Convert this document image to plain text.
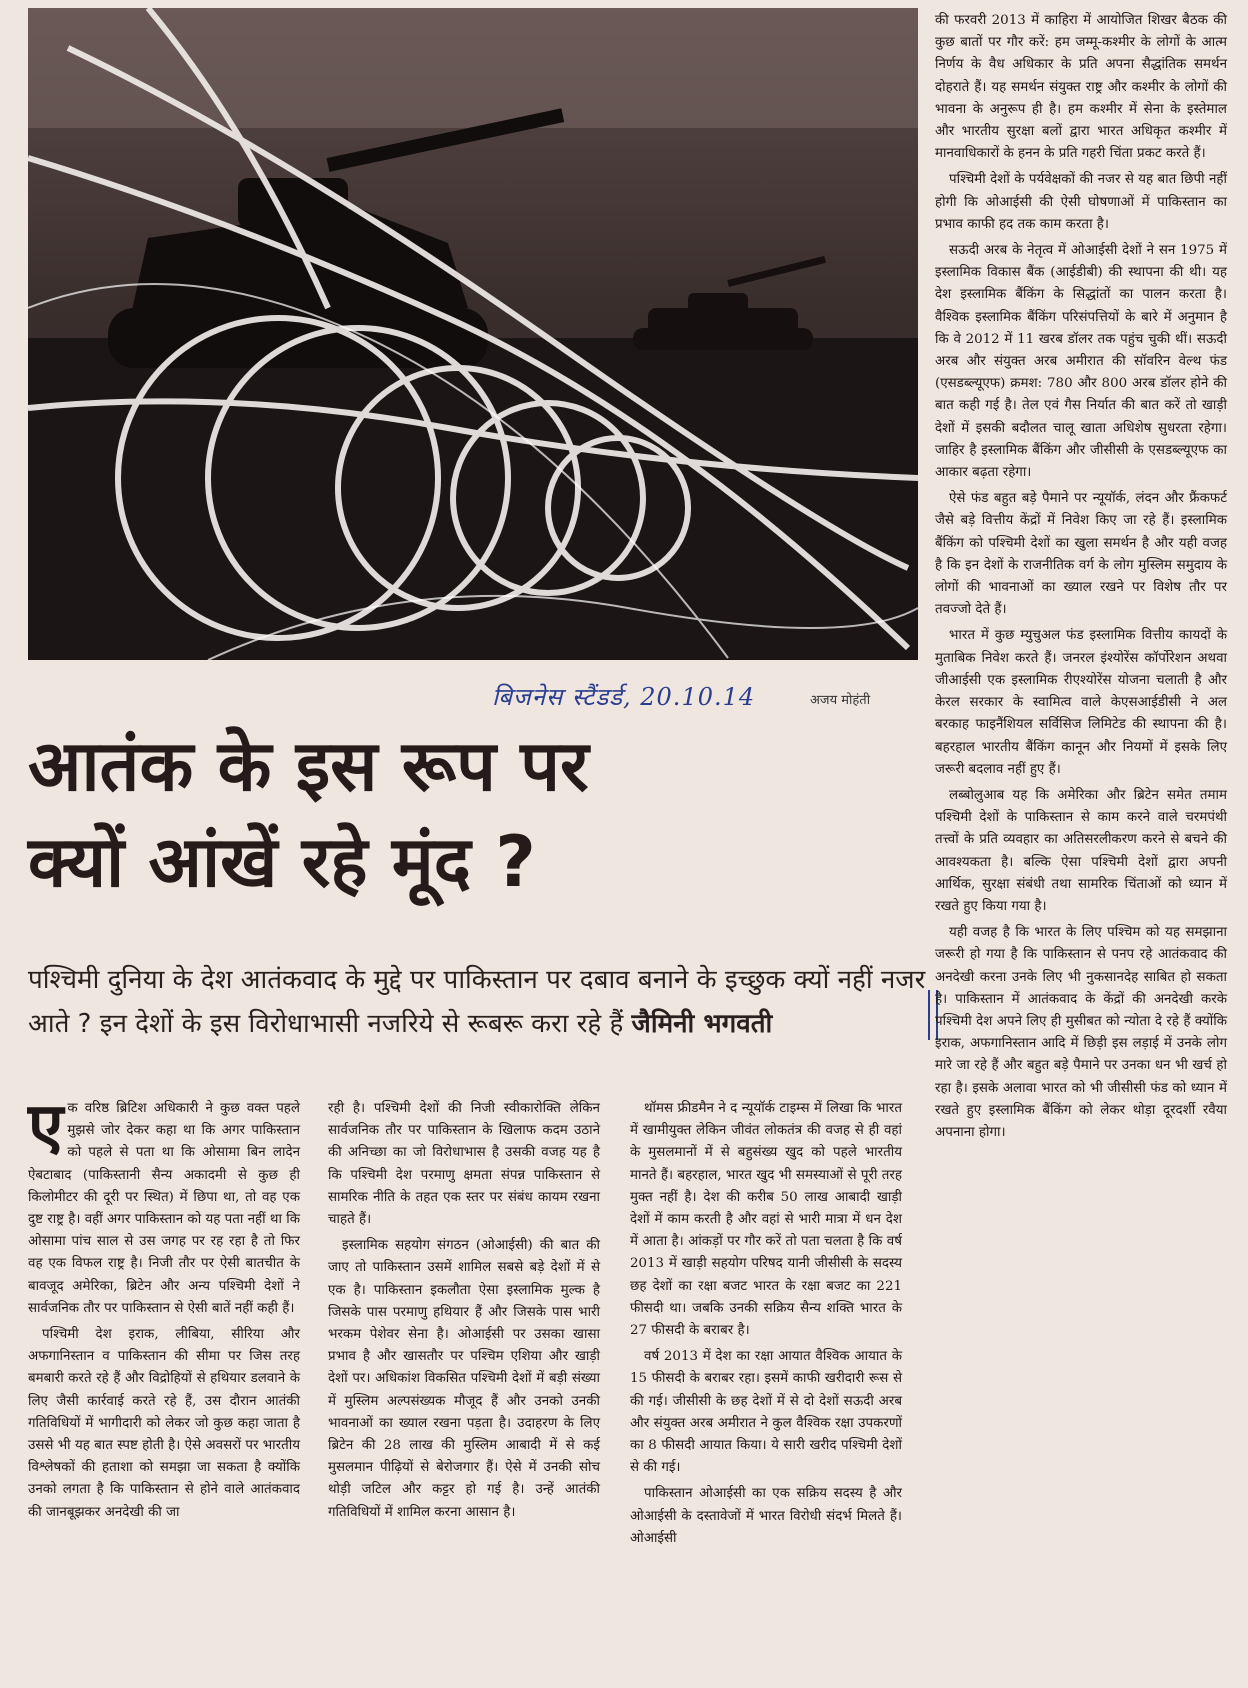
बिजनेस स्टैंडर्ड, 20.10.14	अजय मोहंती
आतंक के इस रूप पर
क्यों आंखें रहे मूंद ?
पश्चिमी दुनिया के देश आतंकवाद के मुद्दे पर पाकिस्तान पर दबाव बनाने के इच्छुक क्यों नहीं नजर आते ? इन देशों के इस विरोधाभासी नजरिये से रूबरू करा रहे हैं जैमिनी भगवती

एक वरिष्ठ ब्रिटिश अधिकारी ने कुछ वक्त पहले मुझसे जोर देकर कहा था कि अगर पाकिस्तान को पहले से पता था कि ओसामा बिन लादेन ऐबटाबाद (पाकिस्तानी सैन्य अकादमी से कुछ ही किलोमीटर की दूरी पर स्थित) में छिपा था, तो वह एक दुष्ट राष्ट्र है। वहीं अगर पाकिस्तान को यह पता नहीं था कि ओसामा पांच साल से उस जगह पर रह रहा है तो फिर वह एक विफल राष्ट्र है। निजी तौर पर ऐसी बातचीत के बावजूद अमेरिका, ब्रिटेन और अन्य पश्चिमी देशों ने सार्वजनिक तौर पर पाकिस्तान से ऐसी बातें नहीं कही हैं।

पश्चिमी देश इराक, लीबिया, सीरिया और अफगानिस्तान व पाकिस्तान की सीमा पर जिस तरह बमबारी करते रहे हैं और विद्रोहियों से हथियार डलवाने के लिए जैसी कार्रवाई करते रहे हैं, उस दौरान आतंकी गतिविधियों में भागीदारी को लेकर जो कुछ कहा जाता है उससे भी यह बात स्पष्ट होती है। ऐसे अवसरों पर भारतीय विश्लेषकों की हताशा को समझा जा सकता है क्योंकि उनको लगता है कि पाकिस्तान से होने वाले आतंकवाद की जानबूझकर अनदेखी की जा

रही है। पश्चिमी देशों की निजी स्वीकारोक्ति लेकिन सार्वजनिक तौर पर पाकिस्तान के खिलाफ कदम उठाने की अनिच्छा का जो विरोधाभास है उसकी वजह यह है कि पश्चिमी देश परमाणु क्षमता संपन्न पाकिस्तान से सामरिक नीति के तहत एक स्तर पर संबंध कायम रखना चाहते हैं।

इस्लामिक सहयोग संगठन (ओआईसी) की बात की जाए तो पाकिस्तान उसमें शामिल सबसे बड़े देशों में से एक है। पाकिस्तान इकलौता ऐसा इस्लामिक मुल्क है जिसके पास परमाणु हथियार हैं और जिसके पास भारी भरकम पेशेवर सेना है। ओआईसी पर उसका खासा प्रभाव है और खासतौर पर पश्चिम एशिया और खाड़ी देशों पर। अधिकांश विकसित पश्चिमी देशों में बड़ी संख्या में मुस्लिम अल्पसंख्यक मौजूद हैं और उनको उनकी भावनाओं का ख्याल रखना पड़ता है। उदाहरण के लिए ब्रिटेन की 28 लाख की मुस्लिम आबादी में से कई मुसलमान पीढ़ियों से बेरोजगार हैं। ऐसे में उनकी सोच थोड़ी जटिल और कट्टर हो गई है। उन्हें आतंकी गतिविधियों में शामिल करना आसान है।

थॉमस फ्रीडमैन ने द न्यूयॉर्क टाइम्स में लिखा कि भारत में खामीयुक्त लेकिन जीवंत लोकतंत्र की वजह से ही वहां के मुसलमानों में से बहुसंख्य खुद को पहले भारतीय मानते हैं। बहरहाल, भारत खुद भी समस्याओं से पूरी तरह मुक्त नहीं है। देश की करीब 50 लाख आबादी खाड़ी देशों में काम करती है और वहां से भारी मात्रा में धन देश में आता है। आंकड़ों पर गौर करें तो पता चलता है कि वर्ष 2013 में खाड़ी सहयोग परिषद यानी जीसीसी के सदस्य छह देशों का रक्षा बजट भारत के रक्षा बजट का 221 फीसदी था। जबकि उनकी सक्रिय सैन्य शक्ति भारत के 27 फीसदी के बराबर है।

वर्ष 2013 में देश का रक्षा आयात वैश्विक आयात के 15 फीसदी के बराबर रहा। इसमें काफी खरीदारी रूस से की गई। जीसीसी के छह देशों में से दो देशों सऊदी अरब और संयुक्त अरब अमीरात ने कुल वैश्विक रक्षा उपकरणों का 8 फीसदी आयात किया। ये सारी खरीद पश्चिमी देशों से की गई।

पाकिस्तान ओआईसी का एक सक्रिय सदस्य है और ओआईसी के दस्तावेजों में भारत विरोधी संदर्भ मिलते हैं। ओआईसी

की फरवरी 2013 में काहिरा में आयोजित शिखर बैठक की कुछ बातों पर गौर करें: हम जम्मू-कश्मीर के लोगों के आत्म निर्णय के वैध अधिकार के प्रति अपना सैद्धांतिक समर्थन दोहराते हैं। यह समर्थन संयुक्त राष्ट्र और कश्मीर के लोगों की भावना के अनुरूप ही है। हम कश्मीर में सेना के इस्तेमाल और भारतीय सुरक्षा बलों द्वारा भारत अधिकृत कश्मीर में मानवाधिकारों के हनन के प्रति गहरी चिंता प्रकट करते हैं।

पश्चिमी देशों के पर्यवेक्षकों की नजर से यह बात छिपी नहीं होगी कि ओआईसी की ऐसी घोषणाओं में पाकिस्तान का प्रभाव काफी हद तक काम करता है।

सऊदी अरब के नेतृत्व में ओआईसी देशों ने सन 1975 में इस्लामिक विकास बैंक (आईडीबी) की स्थापना की थी। यह देश इस्लामिक बैंकिंग के सिद्धांतों का पालन करता है। वैश्विक इस्लामिक बैंकिंग परिसंपत्तियों के बारे में अनुमान है कि वे 2012 में 11 खरब डॉलर तक पहुंच चुकी थीं। सऊदी अरब और संयुक्त अरब अमीरात की सॉवरिन वेल्थ फंड (एसडब्ल्यूएफ) क्रमश: 780 और 800 अरब डॉलर होने की बात कही गई है। तेल एवं गैस निर्यात की बात करें तो खाड़ी देशों में इसकी बदौलत चालू खाता अधिशेष सुधरता रहेगा। जाहिर है इस्लामिक बैंकिंग और जीसीसी के एसडब्ल्यूएफ का आकार बढ़ता रहेगा।

ऐसे फंड बहुत बड़े पैमाने पर न्यूयॉर्क, लंदन और फ्रैंकफर्ट जैसे बड़े वित्तीय केंद्रों में निवेश किए जा रहे हैं। इस्लामिक बैंकिंग को पश्चिमी देशों का खुला समर्थन है और यही वजह है कि इन देशों के राजनीतिक वर्ग के लोग मुस्लिम समुदाय के लोगों की भावनाओं का ख्याल रखने पर विशेष तौर पर तवज्जो देते हैं।

भारत में कुछ म्युचुअल फंड इस्लामिक वित्तीय कायदों के मुताबिक निवेश करते हैं। जनरल इंश्योरेंस कॉर्पोरेशन अथवा जीआईसी एक इस्लामिक रीएश्योरेंस योजना चलाती है और केरल सरकार के स्वामित्व वाले केएसआईडीसी ने अल बरकाह फाइनैंशियल सर्विसिज लिमिटेड की स्थापना की है। बहरहाल भारतीय बैंकिंग कानून और नियमों में इसके लिए जरूरी बदलाव नहीं हुए हैं।

लब्बोलुआब यह कि अमेरिका और ब्रिटेन समेत तमाम पश्चिमी देशों के पाकिस्तान से काम करने वाले चरमपंथी तत्त्वों के प्रति व्यवहार का अतिसरलीकरण करने से बचने की आवश्यकता है। बल्कि ऐसा पश्चिमी देशों द्वारा अपनी आर्थिक, सुरक्षा संबंधी तथा सामरिक चिंताओं को ध्यान में रखते हुए किया गया है।

यही वजह है कि भारत के लिए पश्चिम को यह समझाना जरूरी हो गया है कि पाकिस्तान से पनप रहे आतंकवाद की अनदेखी करना उनके लिए भी नुकसानदेह साबित हो सकता है। पाकिस्तान में आतंकवाद के केंद्रों की अनदेखी करके पश्चिमी देश अपने लिए ही मुसीबत को न्योता दे रहे हैं क्योंकि इराक, अफगानिस्तान आदि में छिड़ी इस लड़ाई में उनके लोग मारे जा रहे हैं और बहुत बड़े पैमाने पर उनका धन भी खर्च हो रहा है। इसके अलावा भारत को भी जीसीसी फंड को ध्यान में रखते हुए इस्लामिक बैंकिंग को लेकर थोड़ा दूरदर्शी रवैया अपनाना होगा।
